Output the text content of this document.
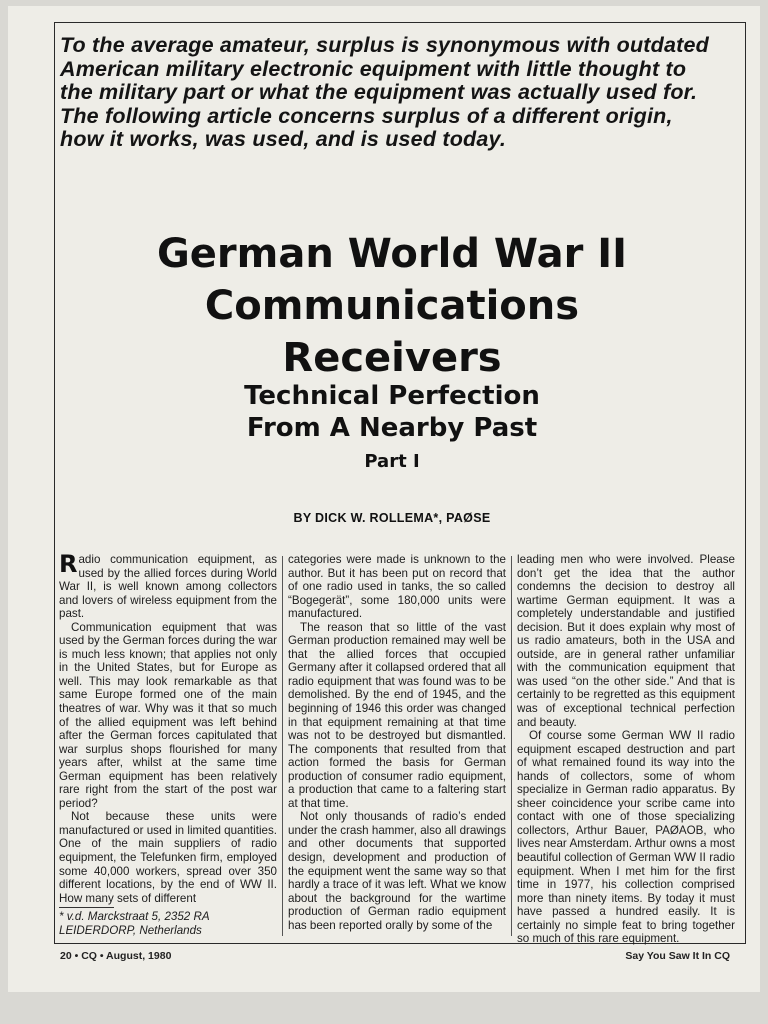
To the average amateur, surplus is synonymous with outdated American military electronic equipment with little thought to the military part or what the equipment was actually used for. The following article concerns surplus of a different origin, how it works, was used, and is used today.
German World War II
Communications
Receivers
Technical Perfection
From A Nearby Past
Part I
BY DICK W. ROLLEMA*, PAØSE

Radio communication equipment, as used by the allied forces during World War II, is well known among collectors and lovers of wireless equipment from the past.

Communication equipment that was used by the German forces during the war is much less known; that applies not only in the United States, but for Europe as well. This may look remarkable as that same Europe formed one of the main theatres of war. Why was it that so much of the allied equipment was left behind after the German forces capitulated that war surplus shops flourished for many years after, whilst at the same time German equipment has been relatively rare right from the start of the post war period?

Not because these units were manufactured or used in limited quantities. One of the main suppliers of radio equipment, the Telefunken firm, employed some 40,000 workers, spread over 350 different locations, by the end of WW II. How many sets of different

categories were made is unknown to the author. But it has been put on record that of one radio used in tanks, the so called “Bogegerät”, some 180,000 units were manufactured.

The reason that so little of the vast German production remained may well be that the allied forces that occupied Germany after it collapsed ordered that all radio equipment that was found was to be demolished. By the end of 1945, and the beginning of 1946 this order was changed in that equipment remaining at that time was not to be destroyed but dismantled. The components that resulted from that action formed the basis for German production of consumer radio equipment, a production that came to a faltering start at that time.

Not only thousands of radio’s ended under the crash hammer, also all drawings and other documents that supported design, development and production of the equipment went the same way so that hardly a trace of it was left. What we know about the background for the wartime production of German radio equipment has been reported orally by some of the

leading men who were involved. Please don’t get the idea that the author condemns the decision to destroy all wartime German equipment. It was a completely understandable and justified decision. But it does explain why most of us radio amateurs, both in the USA and outside, are in general rather unfamiliar with the communication equipment that was used “on the other side.” And that is certainly to be regretted as this equipment was of exceptional technical perfection and beauty.

Of course some German WW II radio equipment escaped destruction and part of what remained found its way into the hands of collectors, some of whom specialize in German radio apparatus. By sheer coincidence your scribe came into contact with one of those specializing collectors, Arthur Bauer, PAØAOB, who lives near Amsterdam. Arthur owns a most beautiful collection of German WW II radio equipment. When I met him for the first time in 1977, his collection comprised more than ninety items. By today it must have passed a hundred easily. It is certainly no simple feat to bring together so much of this rare equipment.

* v.d. Marckstraat 5, 2352 RA LEIDERDORP, Netherlands
20 • CQ • August, 1980	Say You Saw It In CQ
